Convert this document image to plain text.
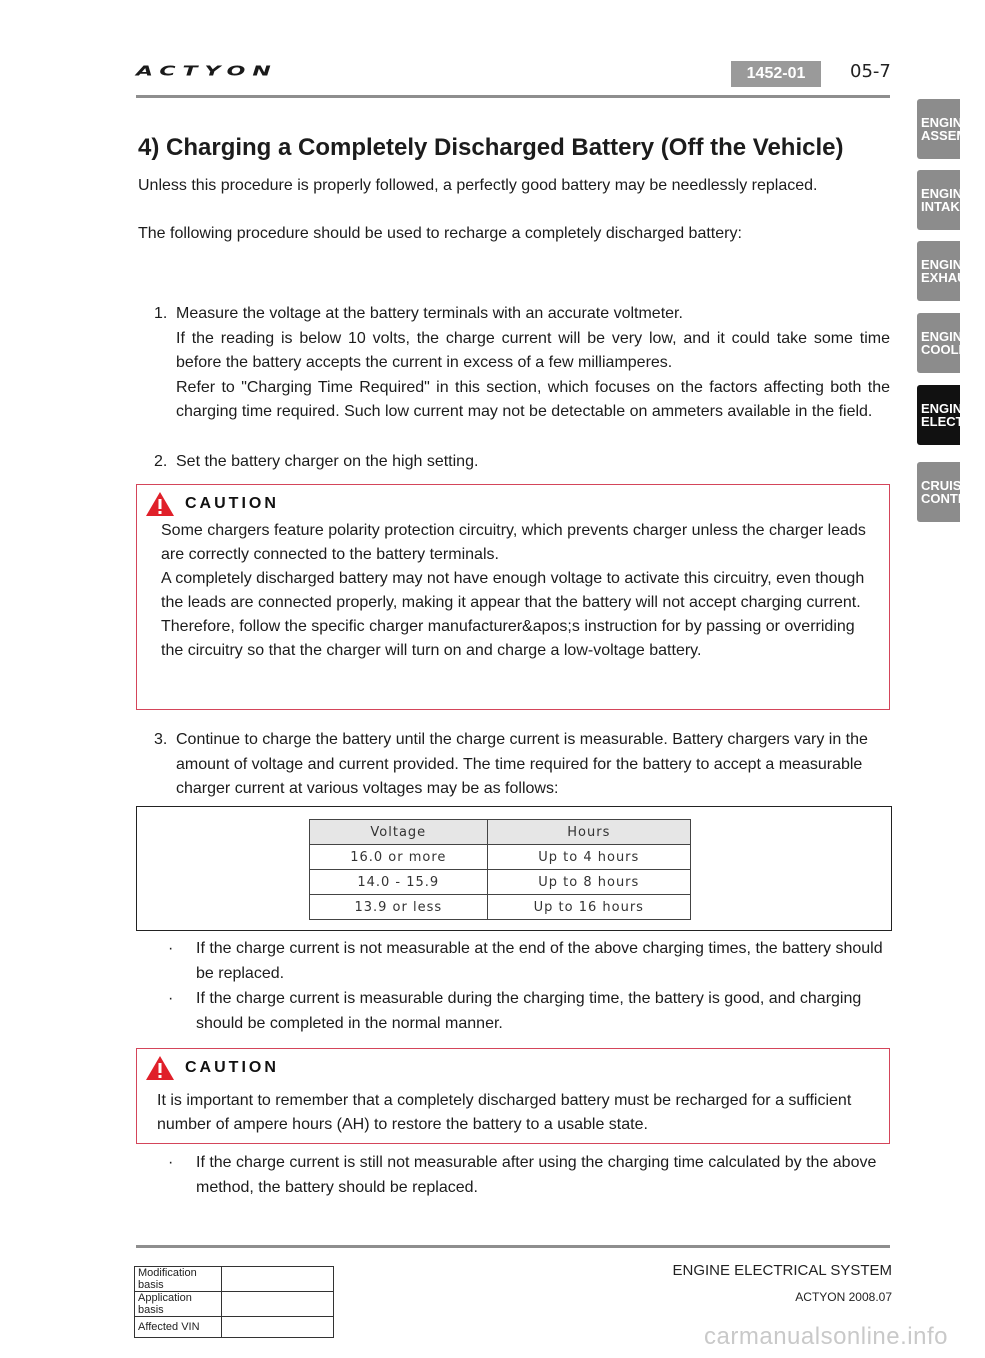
ACTYON	1452-01	05-7
ENGINE
ASSEMBL
ENGINE
INTAKE
ENGINE
EXHAUST
ENGINE
COOLING
ENGINE
ELECTRI
CRUISE
CONTRO
4) Charging a Completely Discharged Battery (Off the Vehicle)
Unless this procedure is properly followed, a perfectly good battery may be needlessly replaced.
The following procedure should be used to recharge a completely discharged battery:
1. Measure the voltage at the battery terminals with an accurate voltmeter.

If the reading is below 10 volts, the charge current will be very low, and it could take some time before the battery accepts the current in excess of a few milliamperes.

Refer to "Charging Time Required" in this section, which focuses on the factors affecting both the charging time required. Such low current may not be detectable on ammeters available in the field.

2. Set the battery charger on the high setting.

CAUTION

Some chargers feature polarity protection circuitry, which prevents charger unless the charger leads are correctly connected to the battery terminals.

A completely discharged battery may not have enough voltage to activate this circuitry, even though the leads are connected properly, making it appear that the battery will not accept charging current.

Therefore, follow the specific charger manufacturer&apos;s instruction for by passing or overriding the circuitry so that the charger will turn on and charge a low-voltage battery.

3. Continue to charge the battery until the charge current is measurable. Battery chargers vary in the amount of voltage and current provided. The time required for the battery to accept a measurable charger current at various voltages may be as follows:

Voltage	Hours
16.0 or more	Up to 4 hours
14.0 - 15.9	Up to 8 hours
13.9 or less	Up to 16 hours
·	If the charge current is not measurable at the end of the above charging times, the battery should be replaced.
·	If the charge current is measurable during the charging time, the battery is good, and charging should be completed in the normal manner.
CAUTION

It is important to remember that a completely discharged battery must be recharged for a sufficient number of ampere hours (AH) to restore the battery to a usable state.

·	If the charge current is still not measurable after using the charging time calculated by the above method, the battery should be replaced.
ENGINE ELECTRICAL SYSTEM
ACTYON 2008.07
Modification basis	
Application basis	
Affected VIN		carmanualsonline.info
